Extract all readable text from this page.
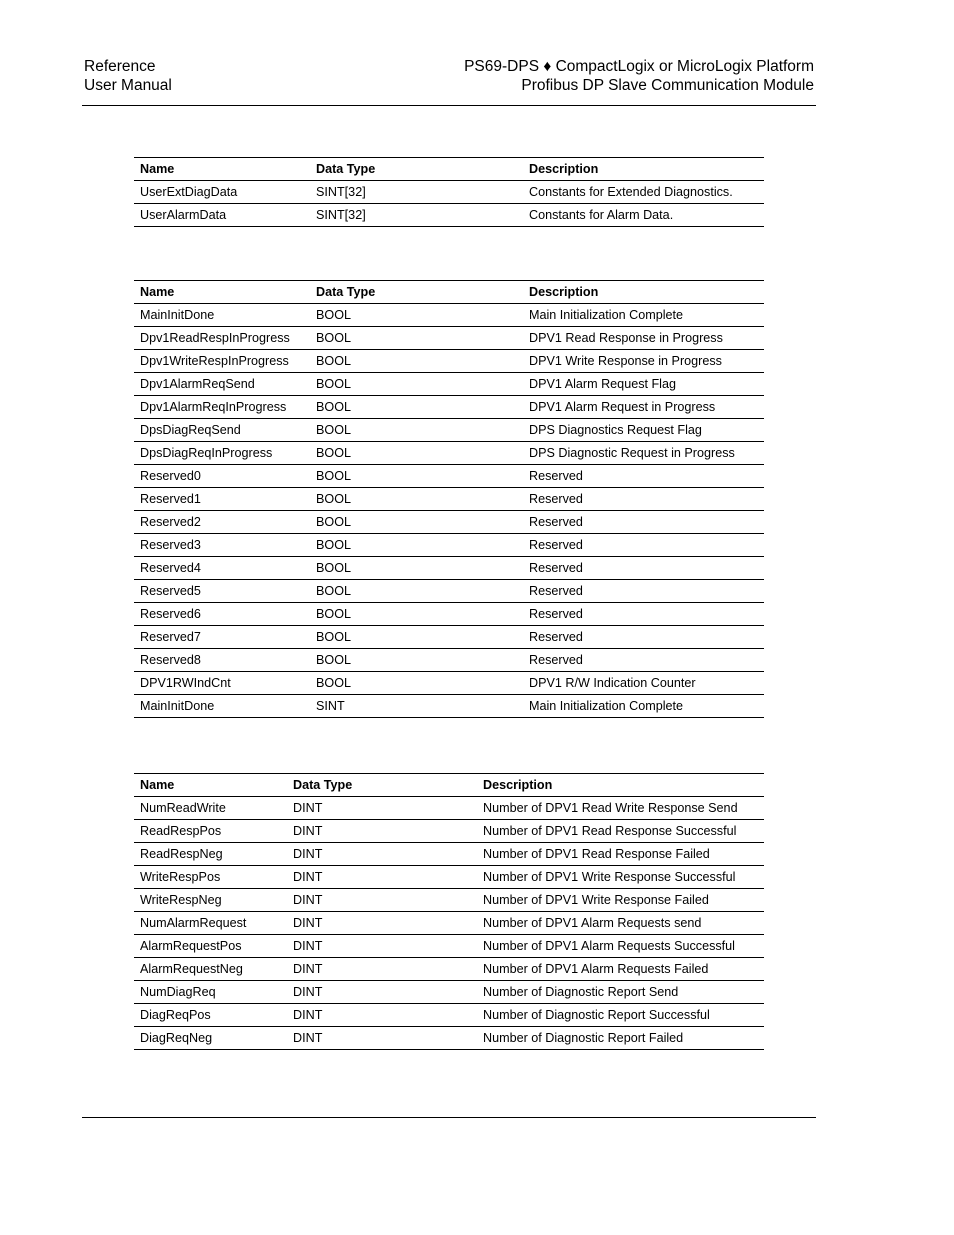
Reference
User Manual
PS69-DPS ♦ CompactLogix or MicroLogix Platform
Profibus DP Slave Communication Module
Name	Data Type	Description
UserExtDiagData	SINT[32]	Constants for Extended Diagnostics.
UserAlarmData	SINT[32]	Constants for Alarm Data.
Name	Data Type	Description
MainInitDone	BOOL	Main Initialization Complete
Dpv1ReadRespInProgress	BOOL	DPV1 Read Response in Progress
Dpv1WriteRespInProgress	BOOL	DPV1 Write Response in Progress
Dpv1AlarmReqSend	BOOL	DPV1 Alarm Request Flag
Dpv1AlarmReqInProgress	BOOL	DPV1 Alarm Request in Progress
DpsDiagReqSend	BOOL	DPS Diagnostics Request Flag
DpsDiagReqInProgress	BOOL	DPS Diagnostic Request in Progress
Reserved0	BOOL	Reserved
Reserved1	BOOL	Reserved
Reserved2	BOOL	Reserved
Reserved3	BOOL	Reserved
Reserved4	BOOL	Reserved
Reserved5	BOOL	Reserved
Reserved6	BOOL	Reserved
Reserved7	BOOL	Reserved
Reserved8	BOOL	Reserved
DPV1RWIndCnt	BOOL	DPV1 R/W Indication Counter
MainInitDone	SINT	Main Initialization Complete
Name	Data Type	Description
NumReadWrite	DINT	Number of DPV1 Read Write Response Send
ReadRespPos	DINT	Number of DPV1 Read Response Successful
ReadRespNeg	DINT	Number of DPV1 Read Response Failed
WriteRespPos	DINT	Number of DPV1 Write Response Successful
WriteRespNeg	DINT	Number of DPV1 Write Response Failed
NumAlarmRequest	DINT	Number of DPV1 Alarm Requests send
AlarmRequestPos	DINT	Number of DPV1 Alarm Requests Successful
AlarmRequestNeg	DINT	Number of DPV1 Alarm Requests Failed
NumDiagReq	DINT	Number of Diagnostic Report Send
DiagReqPos	DINT	Number of Diagnostic Report Successful
DiagReqNeg	DINT	Number of Diagnostic Report Failed
